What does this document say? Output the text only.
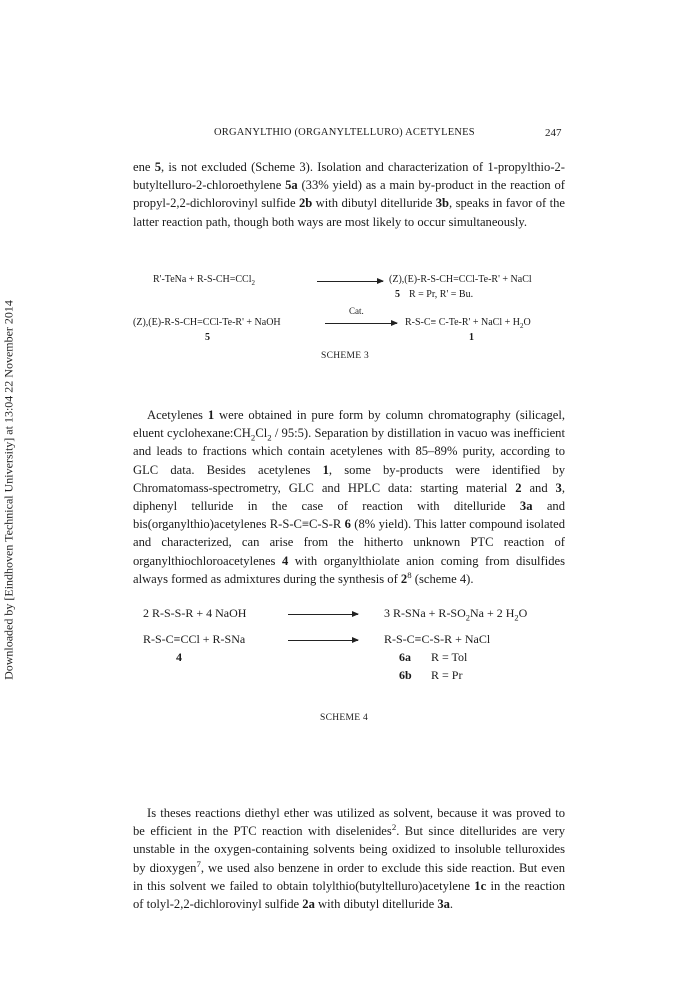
Downloaded by [Eindhoven Technical University] at 13:04 22 November 2014
ORGANYLTHIO (ORGANYLTELLURO) ACETYLENES	247

ene 5, is not excluded (Scheme 3). Isolation and characterization of 1-propylthio-2-butyltelluro-2-chloroethylene 5a (33% yield) as a main by-product in the reaction of propyl-2,2-dichlorovinyl sulfide 2b with dibutyl ditelluride 3b, speaks in favor of the latter reaction path, though both ways are most likely to occur simultaneously.

R'-TeNa + R-S-CH=CCl$_2$	(Z),(E)-R-S-CH=CCl-Te-R' + NaCl
5 R = Pr, R' = Bu.
Cat.
(Z),(E)-R-S-CH=CCl-Te-R' + NaOH	R-S-C≡ C-Te-R' + NaCl + $H_2O$
5	1
SCHEME 3

Acetylenes 1 were obtained in pure form by column chromatography (silicagel, eluent $cyclohexane:CH_2Cl_2$ / 95:5). Separation by distillation in vacuo was inefficient and leads to fractions which contain acetylenes with 85–89% purity, according to GLC data. Besides acetylenes 1, some by-products were identified by Chromatomass-spectrometry, GLC and HPLC data: starting material 2 and 3, diphenyl telluride in the case of reaction with ditelluride 3a and bis(organylthio)acetylenes R-S-C≡C-S-R 6 (8% yield). This latter compound isolated and characterized, can arise from the hitherto unknown PTC reaction of organylthiochloroacetylenes 4 with organylthiolate anion coming from disulfides always formed as admixtures during the synthesis of $2^8$ (scheme 4).

2 R-S-S-R + 4 NaOH	3 $R-SNa + R-SO_2Na + 2$ $H_2O$
R-S-C≡CCl + R-SNa	R-S-C≡C-S-R + NaCl
4	6a R = Tol
6b R = Pr
SCHEME 4

Is theses reactions diethyl ether was utilized as solvent, because it was proved to be efficient in the PTC reaction with diselenides$^2$. But since ditellurides are very unstable in the oxygen-containing solvents being oxidized to insoluble telluroxides by dioxygen$^7$, we used also benzene in order to exclude this side reaction. But even in this solvent we failed to obtain tolylthio(butyltelluro)acetylene 1c in the reaction of tolyl-2,2-dichlorovinyl sulfide 2a with dibutyl ditelluride 3a.
